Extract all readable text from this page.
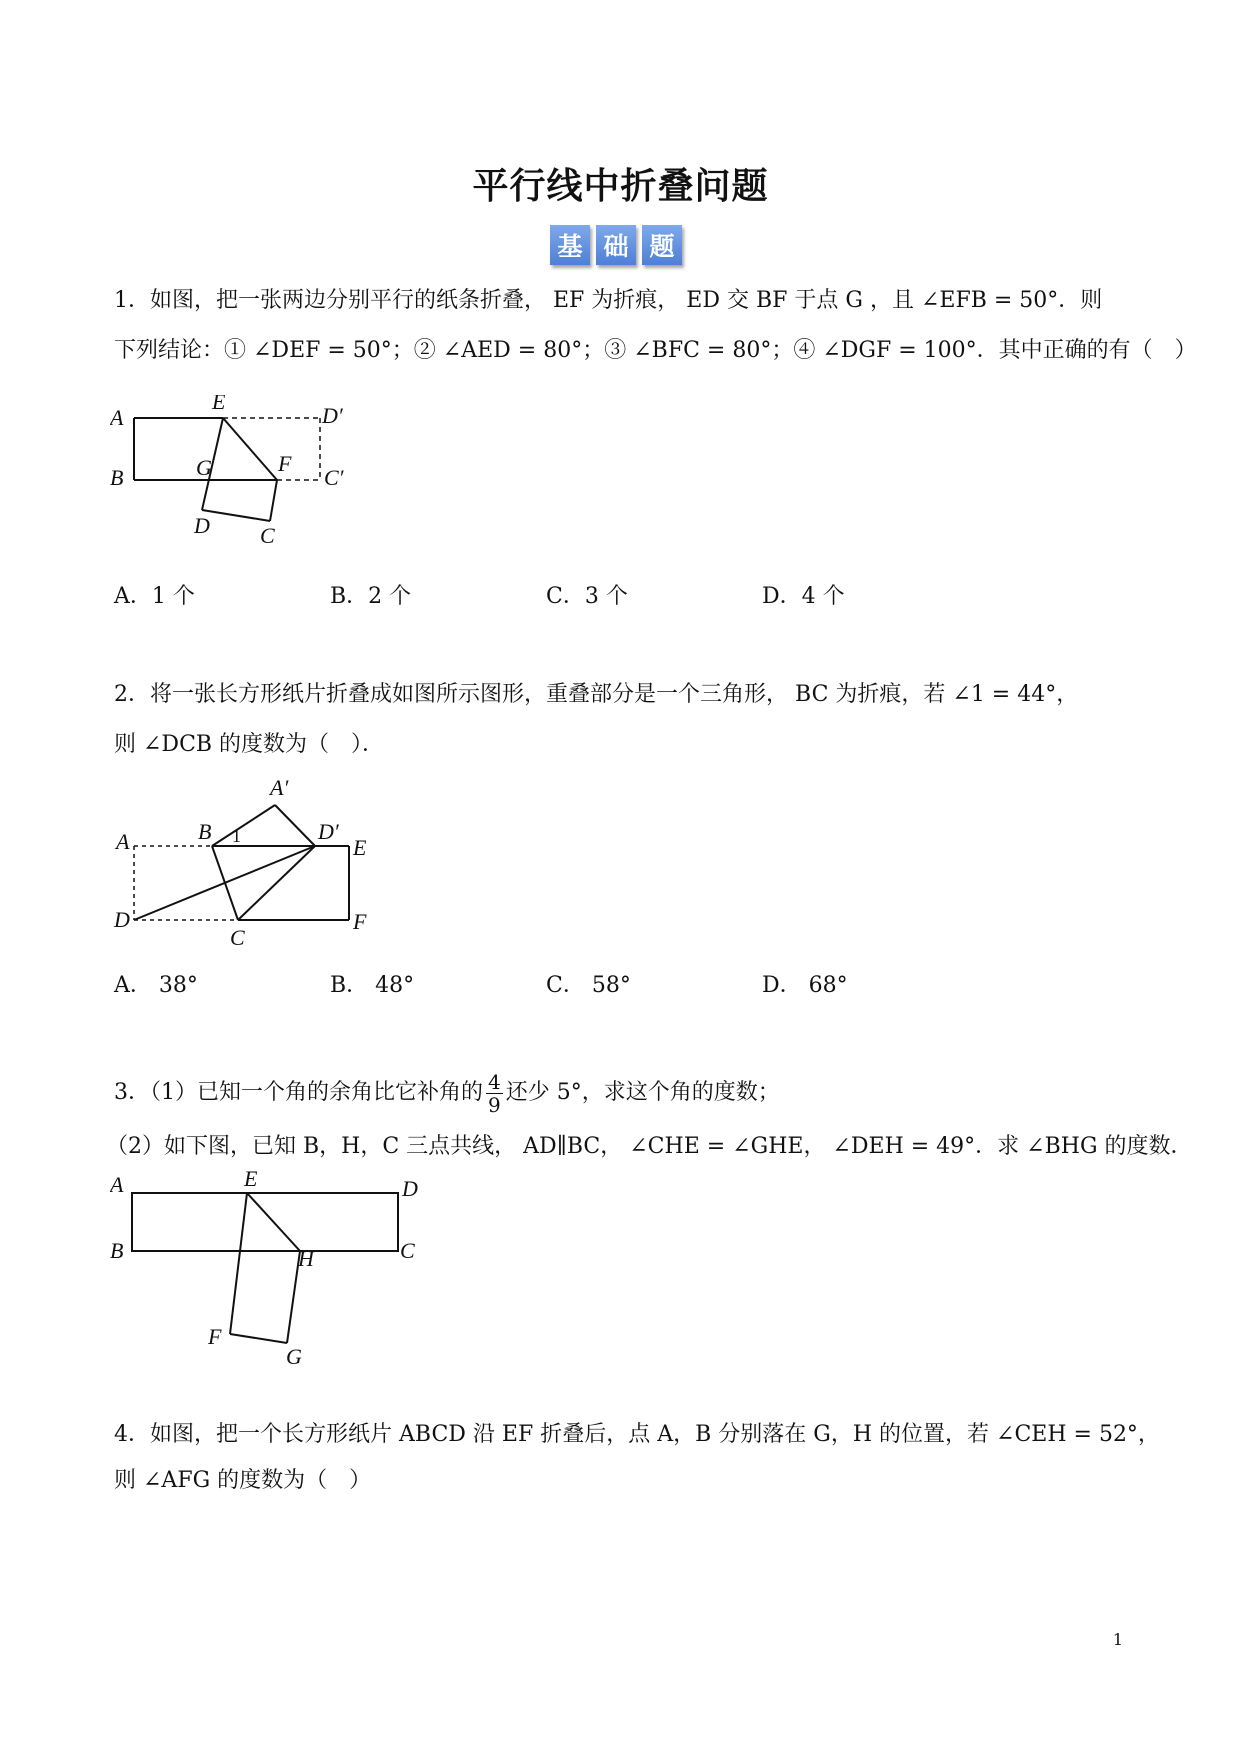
平行线中折叠问题
基 础 题
1．如图，把一张两边分别平行的纸条折叠， EF 为折痕， ED 交 BF 于点 G ，且 ∠EFB = 50°．则
下列结论：① ∠DEF = 50°；② ∠AED = 80°；③ ∠BFC = 80°；④ ∠DGF = 100°．其中正确的有（　）
A
E
D′
B	G	F
C′
D C
A．1 个	B．2 个	C．3 个	D．4 个
2．将一张长方形纸片折叠成如图所示图形，重叠部分是一个三角形， BC 为折痕，若 ∠1 = 44°，
则 ∠DCB 的度数为（　）．
A′
A	B 1	D′
E
D
C
F
A． 38°	B． 48°	C． 58°	D． 68°
3．（1）已知一个角的余角比它补角的 $\frac{4}{9}$ 还少 5°，求这个角的度数；
（2）如下图，已知 B，H，C 三点共线， AD∥BC， ∠CHE = ∠GHE， ∠DEH = 49°．求 ∠BHG 的度数．
A	E	D
B	H	C
F
G
4．如图，把一个长方形纸片 ABCD 沿 EF 折叠后，点 A，B 分别落在 G，H 的位置，若 ∠CEH = 52°，
则 ∠AFG 的度数为（　）
1
